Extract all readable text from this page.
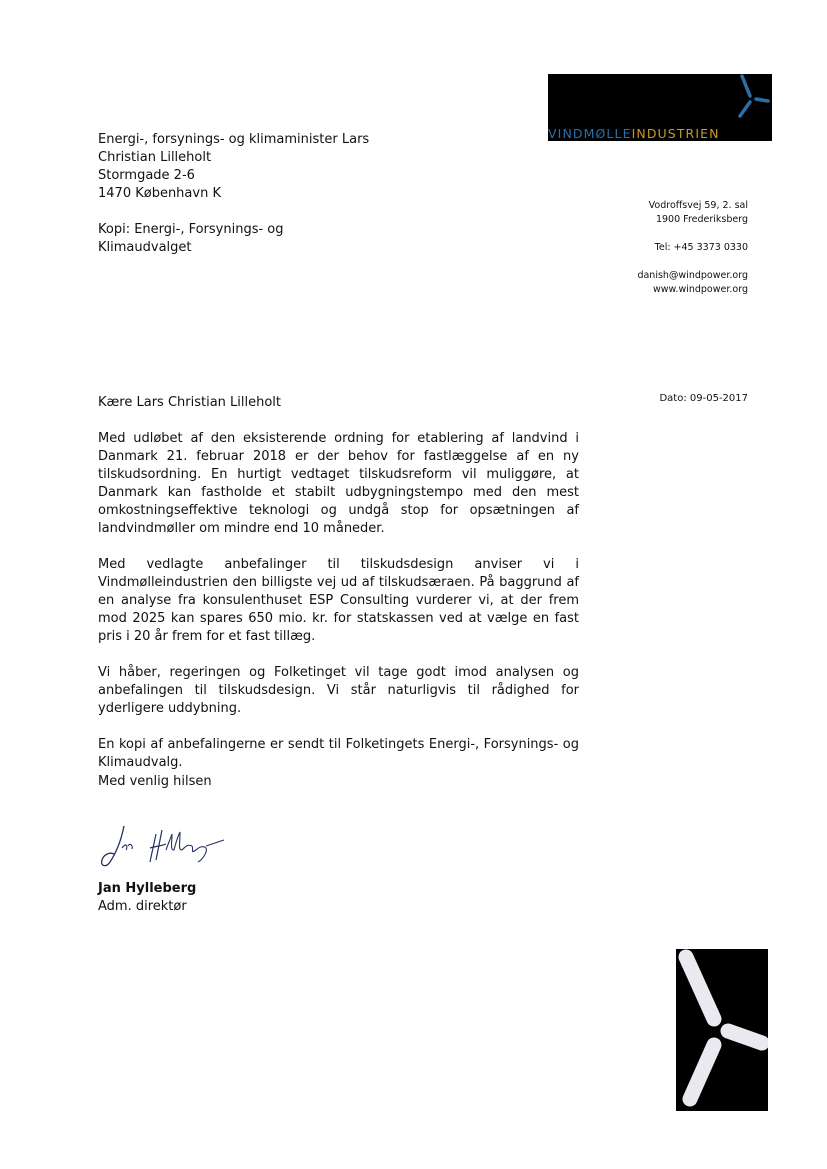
VINDMØLLEINDUSTRIEN
Energi-, forsynings- og klimaminister Lars
Christian Lilleholt
Stormgade 2-6
1470 København K
Kopi: Energi-, Forsynings- og
Klimaudvalget
Vodroffsvej 59, 2. sal
1900 Frederiksberg
Tel: +45 3373 0330
danish@windpower.org
www.windpower.org
Dato: 09-05-2017
Kære Lars Christian Lilleholt

Med udløbet af den eksisterende ordning for etablering af landvind i Danmark 21. februar 2018 er der behov for fastlæggelse af en ny tilskudsordning. En hurtigt vedtaget tilskudsreform vil muliggøre, at Danmark kan fastholde et stabilt udbygningstempo med den mest omkostningseffektive teknologi og undgå stop for opsætningen af landvindmøller om mindre end 10 måneder.

Med vedlagte anbefalinger til tilskudsdesign anviser vi i Vindmølleindustrien den billigste vej ud af tilskudsæraen. På baggrund af en analyse fra konsulenthuset ESP Consulting vurderer vi, at der frem mod 2025 kan spares 650 mio. kr. for statskassen ved at vælge en fast pris i 20 år frem for et fast tillæg.

Vi håber, regeringen og Folketinget vil tage godt imod analysen og anbefalingen til tilskudsdesign. Vi står naturligvis til rådighed for yderligere uddybning.

En kopi af anbefalingerne er sendt til Folketingets Energi-, Forsynings- og Klimaudvalg.

Med venlig hilsen
Jan Hylleberg
Adm. direktør
